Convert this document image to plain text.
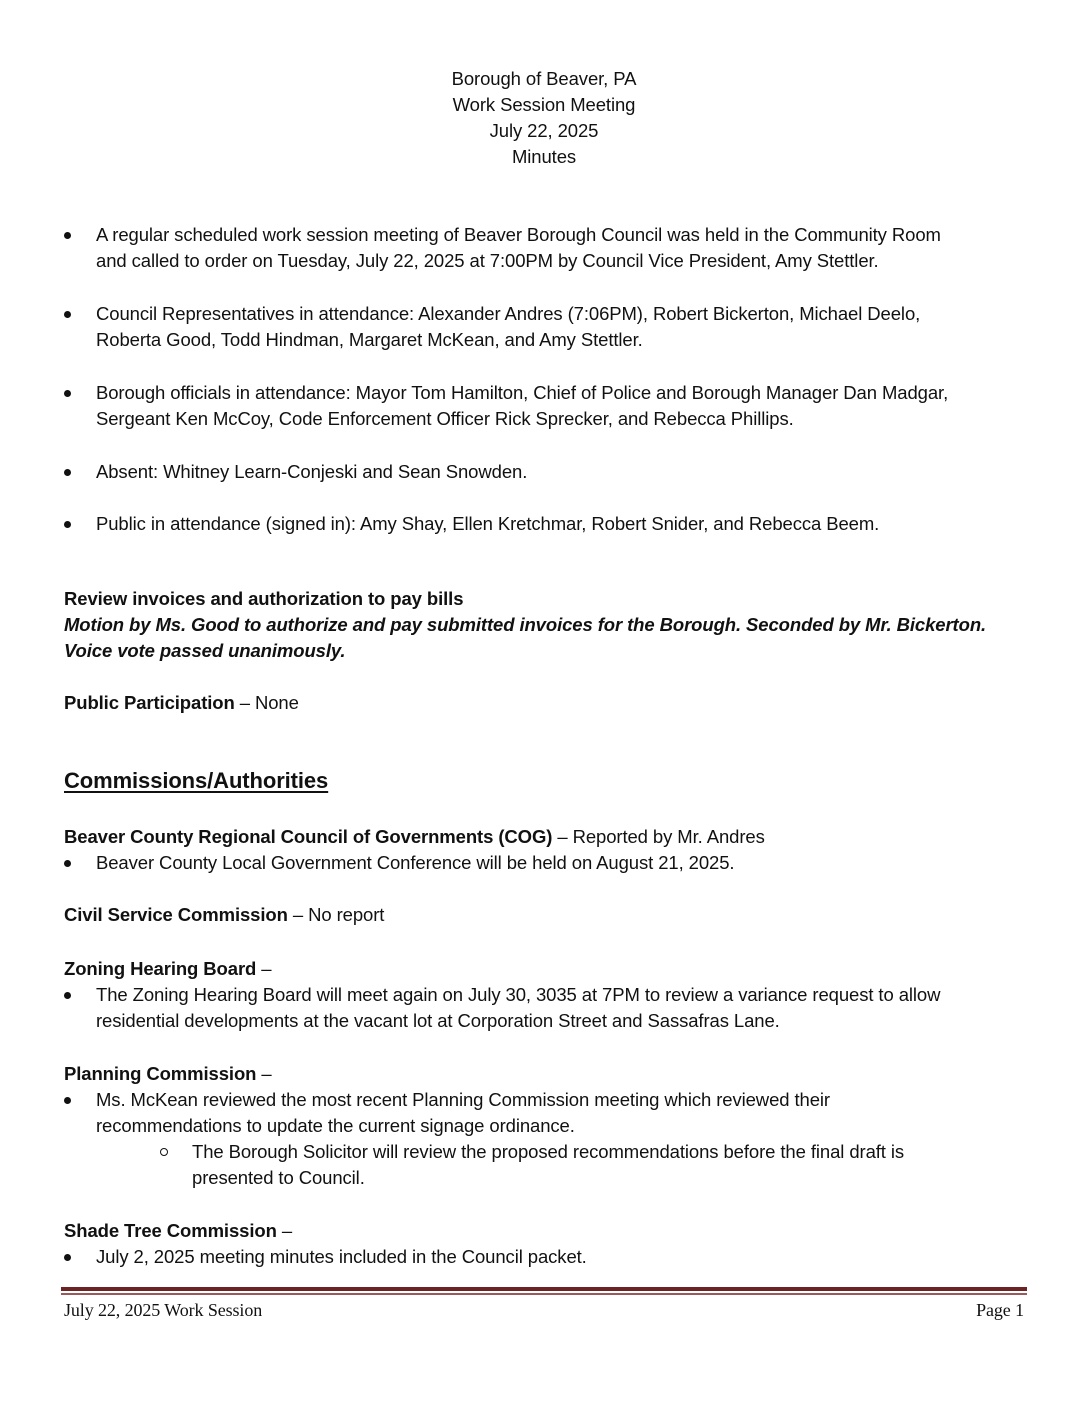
Borough of Beaver, PA
Work Session Meeting
July 22, 2025
Minutes
A regular scheduled work session meeting of Beaver Borough Council was held in the Community Room
and called to order on Tuesday, July 22, 2025 at 7:00PM by Council Vice President, Amy Stettler.
Council Representatives in attendance: Alexander Andres (7:06PM), Robert Bickerton, Michael Deelo,
Roberta Good, Todd Hindman, Margaret McKean, and Amy Stettler.
Borough officials in attendance: Mayor Tom Hamilton, Chief of Police and Borough Manager Dan Madgar,
Sergeant Ken McCoy, Code Enforcement Officer Rick Sprecker, and Rebecca Phillips.
Absent: Whitney Learn-Conjeski and Sean Snowden.
Public in attendance (signed in): Amy Shay, Ellen Kretchmar, Robert Snider, and Rebecca Beem.
Review invoices and authorization to pay bills
Motion by Ms. Good to authorize and pay submitted invoices for the Borough. Seconded by Mr. Bickerton.
Voice vote passed unanimously.
Public Participation – None
Commissions/Authorities
Beaver County Regional Council of Governments (COG) – Reported by Mr. Andres
Beaver County Local Government Conference will be held on August 21, 2025.
Civil Service Commission – No report
Zoning Hearing Board –
The Zoning Hearing Board will meet again on July 30, 3035 at 7PM to review a variance request to allow
residential developments at the vacant lot at Corporation Street and Sassafras Lane.
Planning Commission –
Ms. McKean reviewed the most recent Planning Commission meeting which reviewed their
recommendations to update the current signage ordinance.
The Borough Solicitor will review the proposed recommendations before the final draft is
presented to Council.
Shade Tree Commission –
July 2, 2025 meeting minutes included in the Council packet.
July 22, 2025 Work Session	Page 1
